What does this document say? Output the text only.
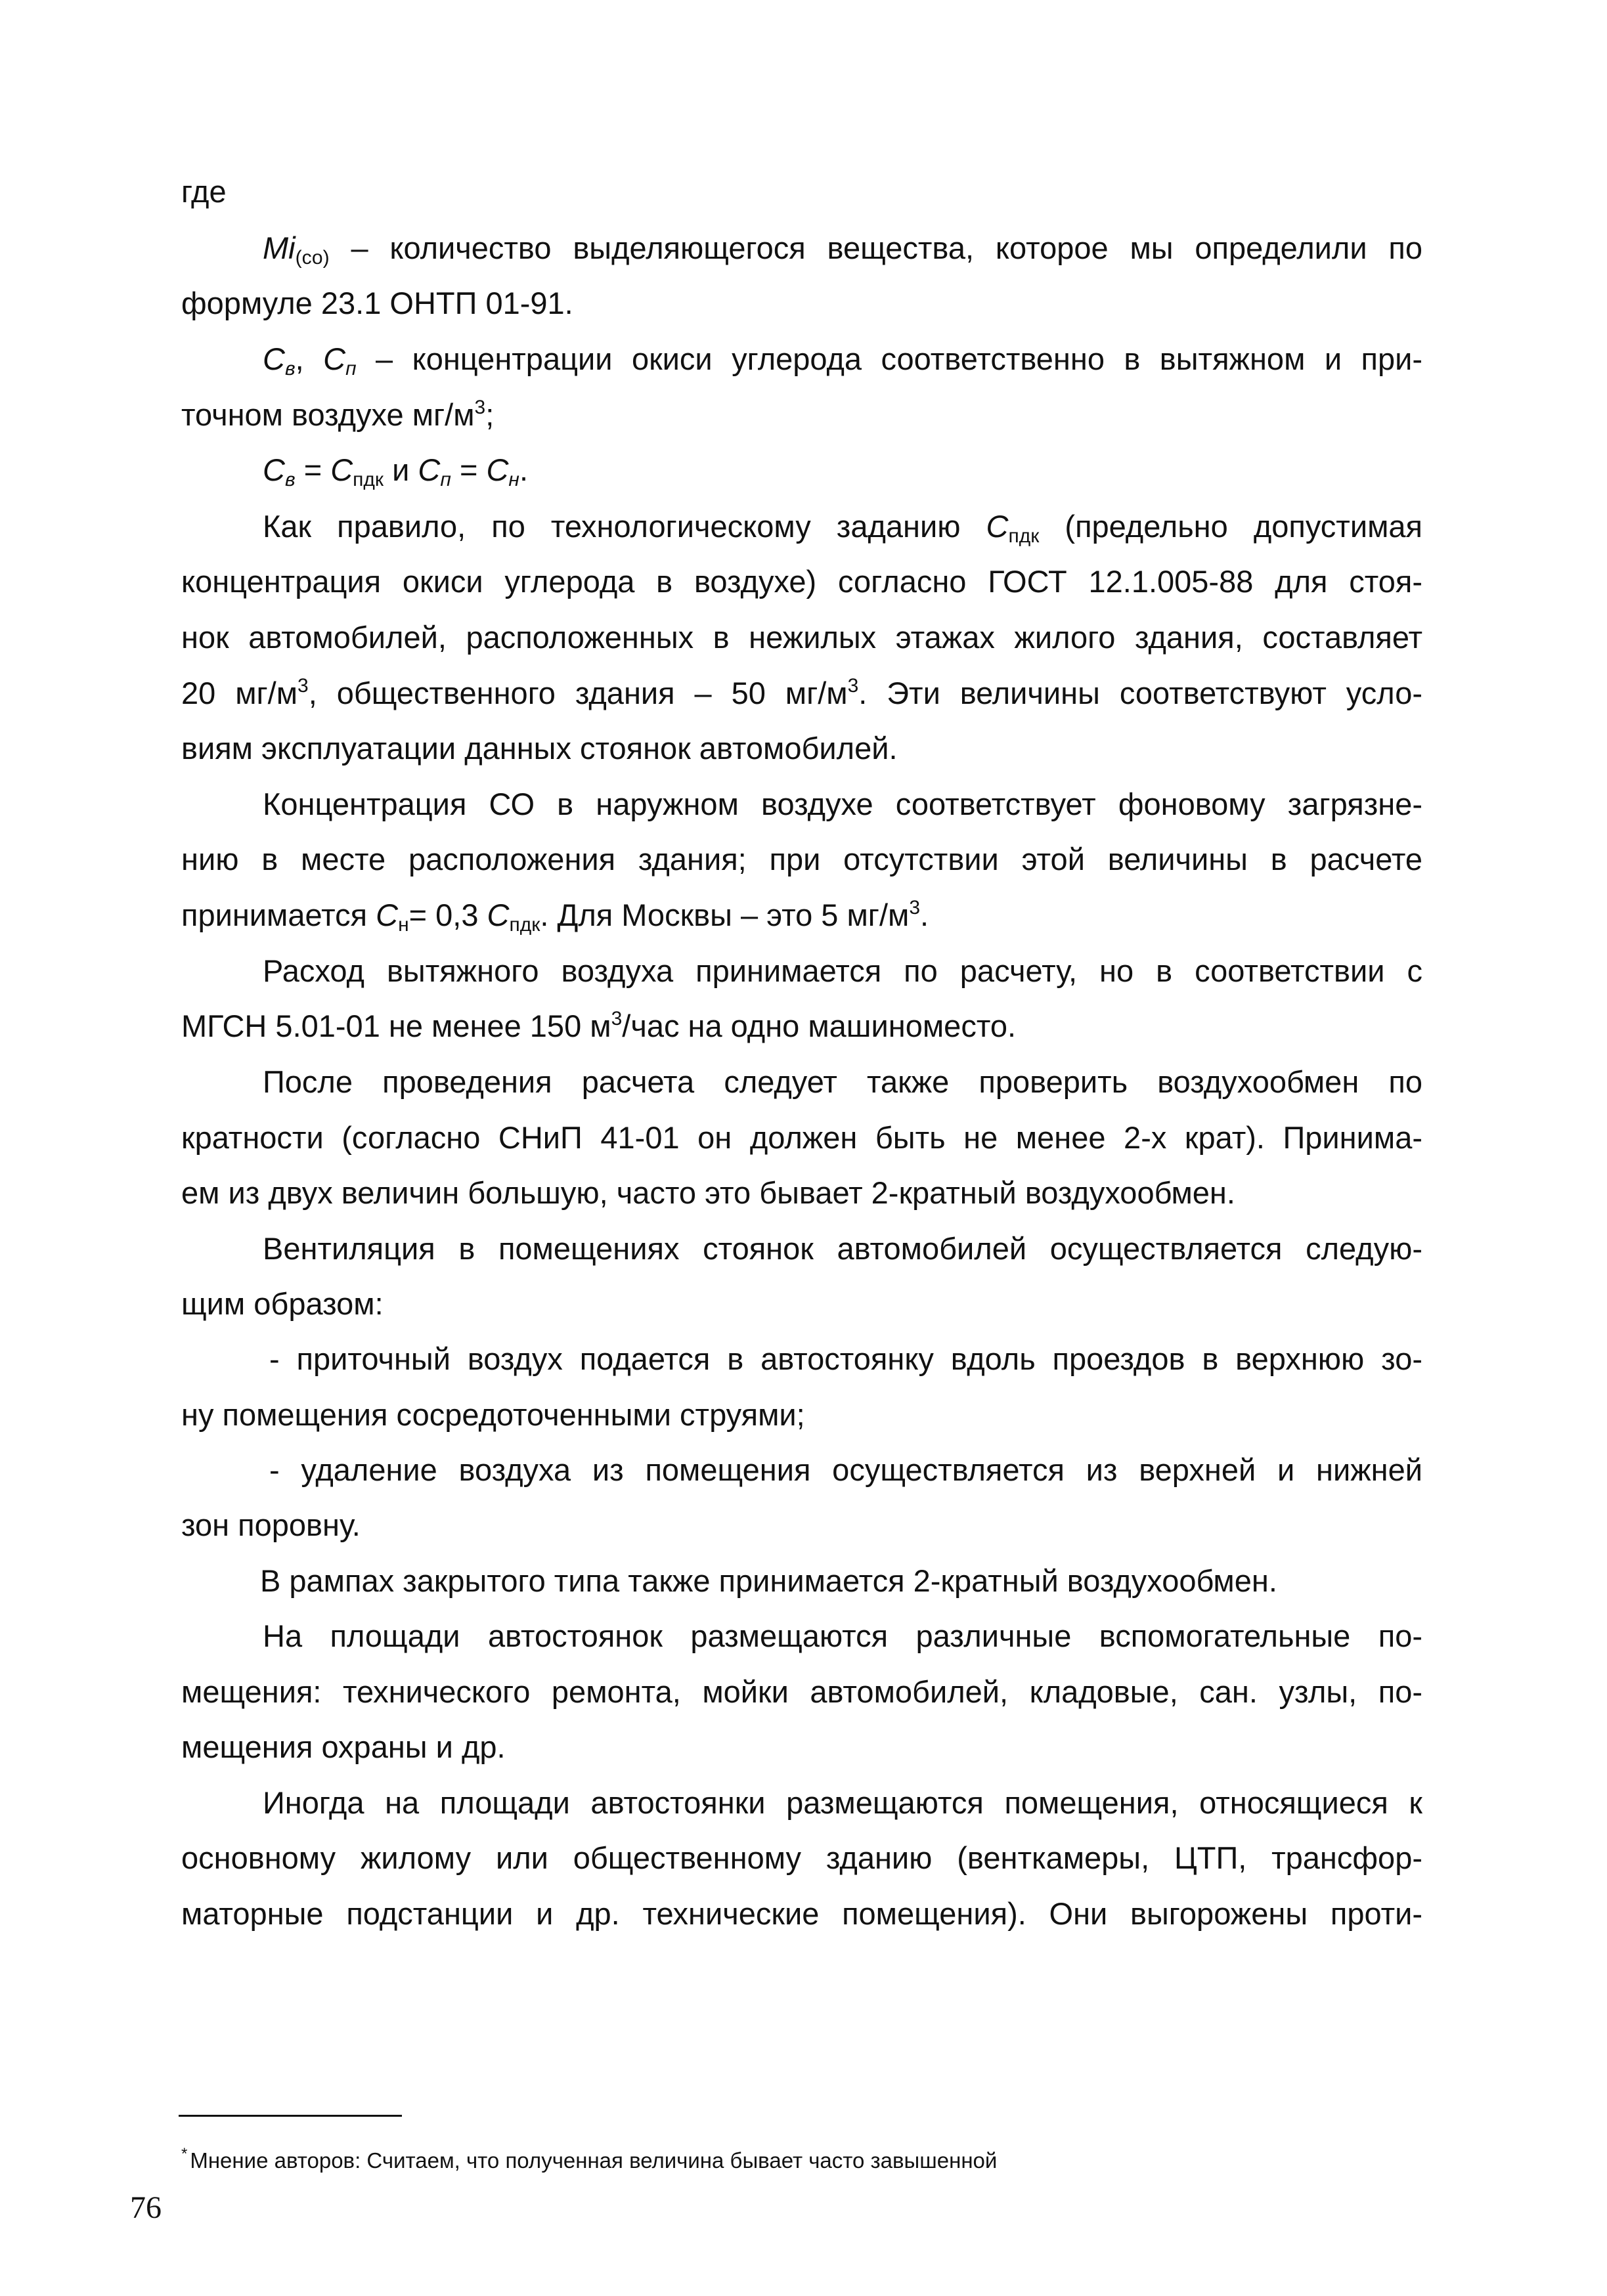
где
$Mi_{(со)}$ – количество выделяющегося вещества, которое мы определили по
формуле 23.1 ОНТП 01-91.
$C_в$, $C_п$ – концентрации окиси углерода соответственно в вытяжном и при-
точном воздухе $мг/м^3$;
$C_в = C_{пдк}$ и $C_п = C_н$.
Как правило, по технологическому заданию $C_{пдк}$ (предельно допустимая
концентрация окиси углерода в воздухе) согласно ГОСТ 12.1.005-88 для стоя-
нок автомобилей, расположенных в нежилых этажах жилого здания, составляет
20 $мг/м^3$, общественного здания – 50 $мг/м^3$. Эти величины соответствуют усло-
виям эксплуатации данных стоянок автомобилей.
Концентрация СО в наружном воздухе соответствует фоновому загрязне-
нию в месте расположения здания; при отсутствии этой величины в расчете
принимается $C_н= 0,3$ $C_{пдк}$. Для Москвы – это 5 $мг/м^3$.
Расход вытяжного воздуха принимается по расчету, но в соответствии с
МГСН 5.01-01 не менее 150 $м^3$/час на одно машиноместо.
После проведения расчета следует также проверить воздухообмен по
кратности (согласно СНиП 41-01 он должен быть не менее 2-х крат). Принима-
ем из двух величин большую, часто это бывает 2-кратный воздухообмен.
Вентиляция в помещениях стоянок автомобилей осуществляется следую-
щим образом:
- приточный воздух подается в автостоянку вдоль проездов в верхнюю зо-
ну помещения сосредоточенными струями;
- удаление воздуха из помещения осуществляется из верхней и нижней
зон поровну.
В рампах закрытого типа также принимается 2-кратный воздухообмен.
На площади автостоянок размещаются различные вспомогательные по-
мещения: технического ремонта, мойки автомобилей, кладовые, сан. узлы, по-
мещения охраны и др.
Иногда на площади автостоянки размещаются помещения, относящиеся к
основному жилому или общественному зданию (венткамеры, ЦТП, трансфор-
маторные подстанции и др. технические помещения). Они выгорожены проти-
* Мнение авторов: Считаем, что полученная величина бывает часто завышенной
76
